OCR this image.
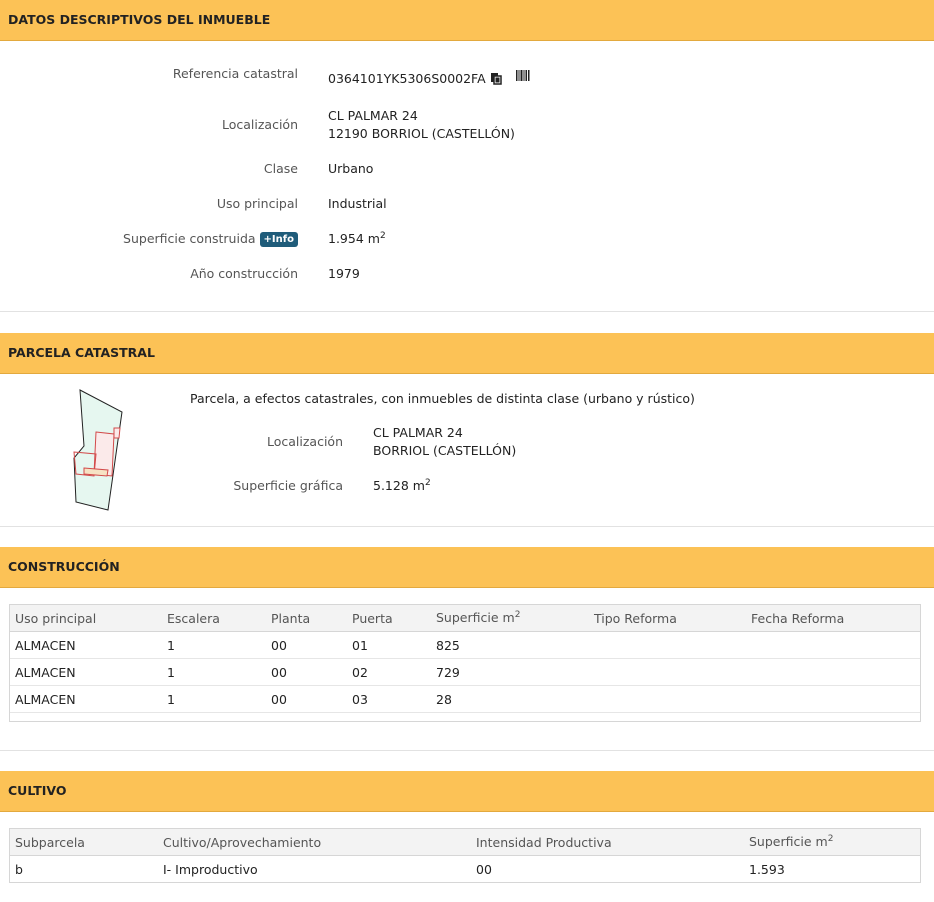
DATOS DESCRIPTIVOS DEL INMUEBLE
Referencia catastral 0364101YK5306S0002FA
Localización
CL PALMAR 24
12190 BORRIOL (CASTELLÓN)
Clase Urbano
Uso principal Industrial
Superficie construida +Info	1.954 $m^2$
Año construcción 1979
PARCELA CATASTRAL
Parcela, a efectos catastrales, con inmuebles de distinta clase (urbano y rústico)
Localización
CL PALMAR 24
BORRIOL (CASTELLÓN)
Superficie gráfica 5.128 $m^2$
CONSTRUCCIÓN
Uso principal	Escalera	Planta	Puerta	Superficie $m^2$	Tipo Reforma	Fecha Reforma
ALMACEN	1	00	01	825		
ALMACEN	1	00	02	729		
ALMACEN	1	00	03	28		

CULTIVO
Subparcela	Cultivo/Aprovechamiento	Intensidad Productiva	Superficie $m^2$
b	I- Improductivo	00	1.593
